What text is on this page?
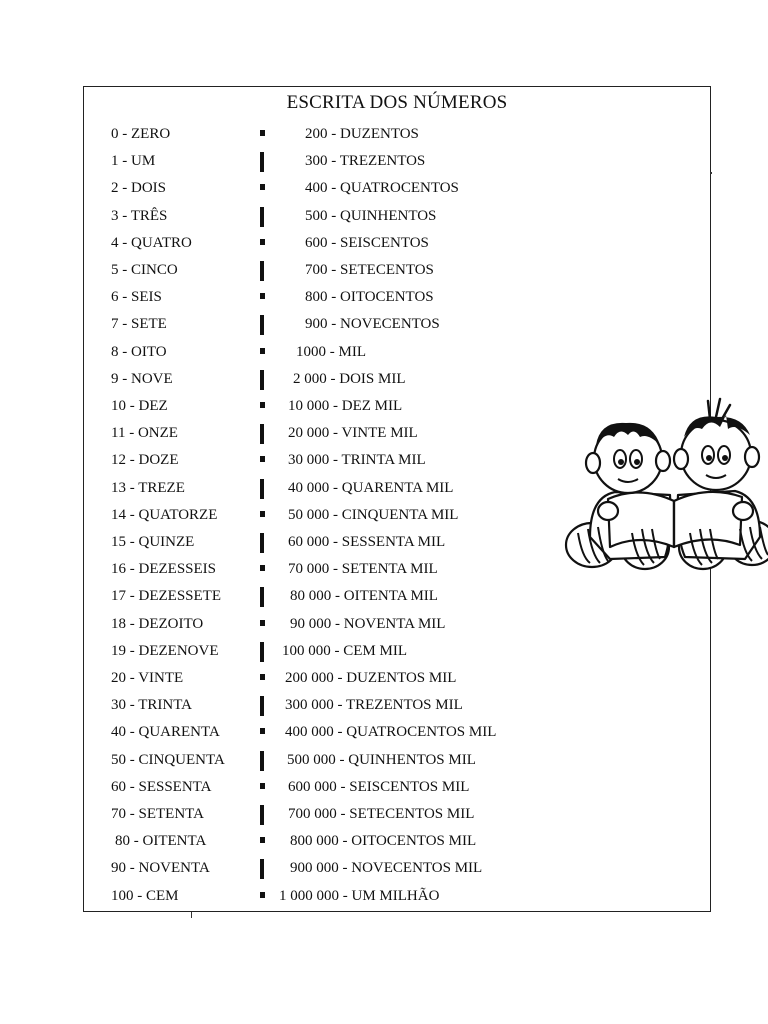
ESCRITA DOS NÚMEROS
0 - ZERO
1 - UM
2 - DOIS
3 - TRÊS
4 - QUATRO
5 - CINCO
6 - SEIS
7 - SETE
8 - OITO
9 - NOVE
10 - DEZ
11 - ONZE
12 - DOZE
13 - TREZE
14 - QUATORZE
15 - QUINZE
16 - DEZESSEIS
17 - DEZESSETE
18 - DEZOITO
19 - DEZENOVE
20 - VINTE
30 - TRINTA
40 - QUARENTA
50 - CINQUENTA
60 - SESSENTA
70 - SETENTA
80 - OITENTA
90 - NOVENTA
100 - CEM
200 - DUZENTOS
300 - TREZENTOS
400 - QUATROCENTOS
500 - QUINHENTOS
600 - SEISCENTOS
700 - SETECENTOS
800 - OITOCENTOS
900 - NOVECENTOS
1000 - MIL
2 000 - DOIS MIL
10 000 - DEZ MIL
20 000 - VINTE MIL
30 000 - TRINTA MIL
40 000 - QUARENTA MIL
50 000 - CINQUENTA MIL
60 000 - SESSENTA MIL
70 000 - SETENTA MIL
80 000 - OITENTA MIL
90 000 - NOVENTA MIL
100 000 - CEM MIL
200 000 - DUZENTOS MIL
300 000 - TREZENTOS MIL
400 000 - QUATROCENTOS MIL
500 000 - QUINHENTOS MIL
600 000 - SEISCENTOS MIL
700 000 - SETECENTOS MIL
800 000 - OITOCENTOS MIL
900 000 - NOVECENTOS MIL
1 000 000 - UM MILHÃO
